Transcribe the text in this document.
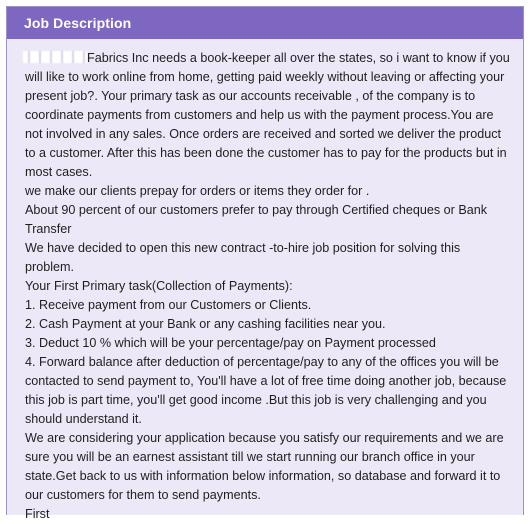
Job Description
Fabrics Inc needs a book-keeper all over the states, so i want to know if you will like to work online from home, getting paid weekly without leaving or affecting your present job?. Your primary task as our accounts receivable , of the company is to coordinate payments from customers and help us with the payment process.You are not involved in any sales. Once orders are received and sorted we deliver the product to a customer. After this has been done the customer has to pay for the products but in most cases.
we make our clients prepay for orders or items they order for .
About 90 percent of our customers prefer to pay through Certified cheques or Bank Transfer
We have decided to open this new contract -to-hire job position for solving this problem.
Your First Primary task(Collection of Payments):
1. Receive payment from our Customers or Clients.
2. Cash Payment at your Bank or any cashing facilities near you.
3. Deduct 10 % which will be your percentage/pay on Payment processed
4. Forward balance after deduction of percentage/pay to any of the offices you will be contacted to send payment to, You'll have a lot of free time doing another job, because this job is part time, you'll get good income .But this job is very challenging and you should understand it.
We are considering your application because you satisfy our requirements and we are sure you will be an earnest assistant till we start running our branch office in your state.Get back to us with information below information, so database and forward it to our customers for them to send payments.
First
